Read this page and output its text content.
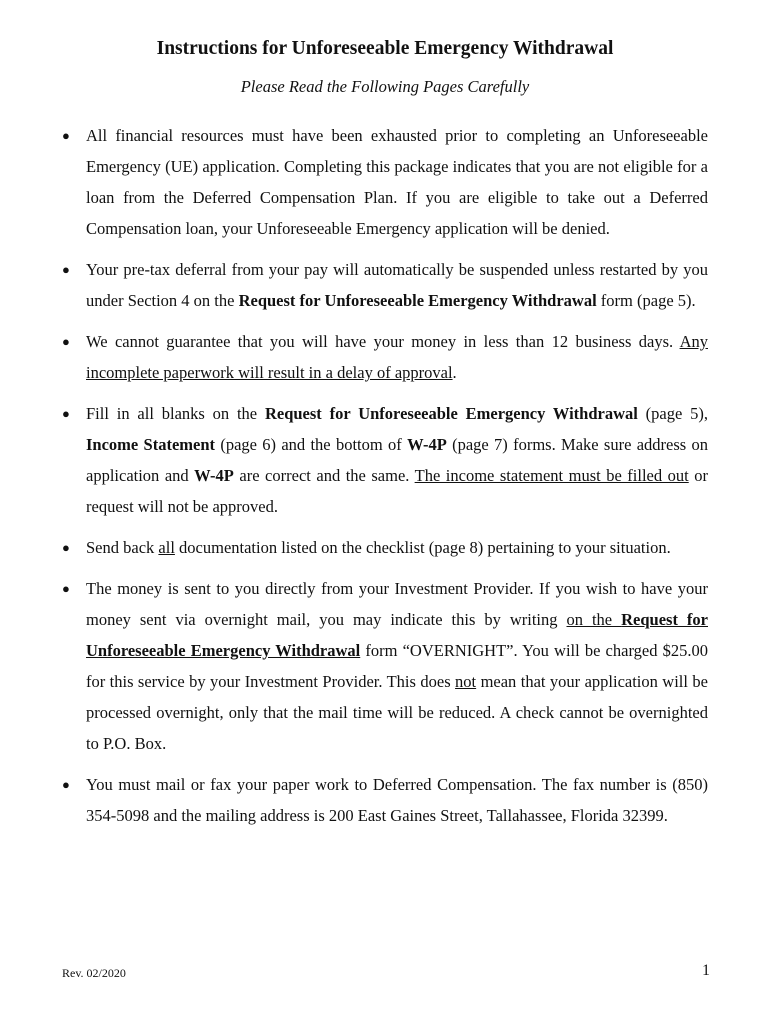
Instructions for Unforeseeable Emergency Withdrawal

Please Read the Following Pages Carefully

● All financial resources must have been exhausted prior to completing an Unforeseeable Emergency (UE) application. Completing this package indicates that you are not eligible for a loan from the Deferred Compensation Plan. If you are eligible to take out a Deferred Compensation loan, your Unforeseeable Emergency application will be denied.
● Your pre-tax deferral from your pay will automatically be suspended unless restarted by you under Section 4 on the Request for Unforeseeable Emergency Withdrawal form (page 5).
● We cannot guarantee that you will have your money in less than 12 business days. Any incomplete paperwork will result in a delay of approval.
● Fill in all blanks on the Request for Unforeseeable Emergency Withdrawal (page 5), Income Statement (page 6) and the bottom of W-4P (page 7) forms. Make sure address on application and W-4P are correct and the same. The income statement must be filled out or request will not be approved.
● Send back all documentation listed on the checklist (page 8) pertaining to your situation.
● The money is sent to you directly from your Investment Provider. If you wish to have your money sent via overnight mail, you may indicate this by writing on the Request for Unforeseeable Emergency Withdrawal form “OVERNIGHT”. You will be charged $25.00 for this service by your Investment Provider. This does not mean that your application will be processed overnight, only that the mail time will be reduced. A check cannot be overnighted to P.O. Box.
● You must mail or fax your paper work to Deferred Compensation. The fax number is (850) 354-5098 and the mailing address is 200 East Gaines Street, Tallahassee, Florida 32399.
Rev. 02/2020	1
